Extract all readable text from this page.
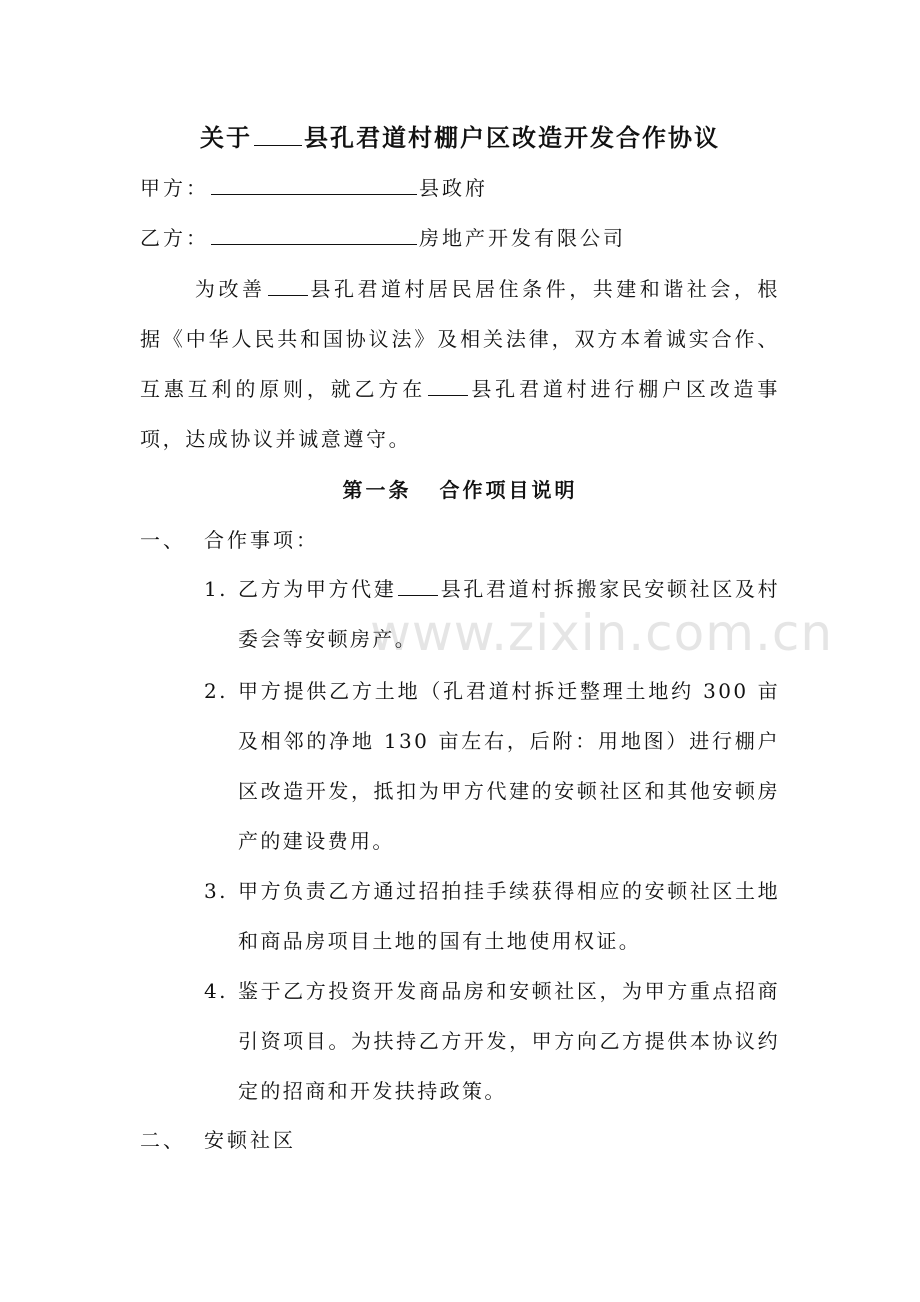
www.zixin.com.cn
关于 县孔君道村棚户区改造开发合作协议
甲方：	县政府
乙方：	房地产开发有限公司
为改善 县孔君道村居民居住条件，共建和谐社会，根据《中华人民共和国协议法》及相关法律，双方本着诚实合作、互惠互利的原则，就乙方在 县孔君道村进行棚户区改造事项，达成协议并诚意遵守。
第一条 合作项目说明
一、 合作事项：
1. 乙方为甲方代建 县孔君道村拆搬家民安顿社区及村委会等安顿房产。
2. 甲方提供乙方土地（孔君道村拆迁整理土地约 300 亩及相邻的净地 130 亩左右，后附：用地图）进行棚户区改造开发，抵扣为甲方代建的安顿社区和其他安顿房产的建设费用。
3. 甲方负责乙方通过招拍挂手续获得相应的安顿社区土地和商品房项目土地的国有土地使用权证。
4. 鉴于乙方投资开发商品房和安顿社区，为甲方重点招商引资项目。为扶持乙方开发，甲方向乙方提供本协议约定的招商和开发扶持政策。
二、 安顿社区
